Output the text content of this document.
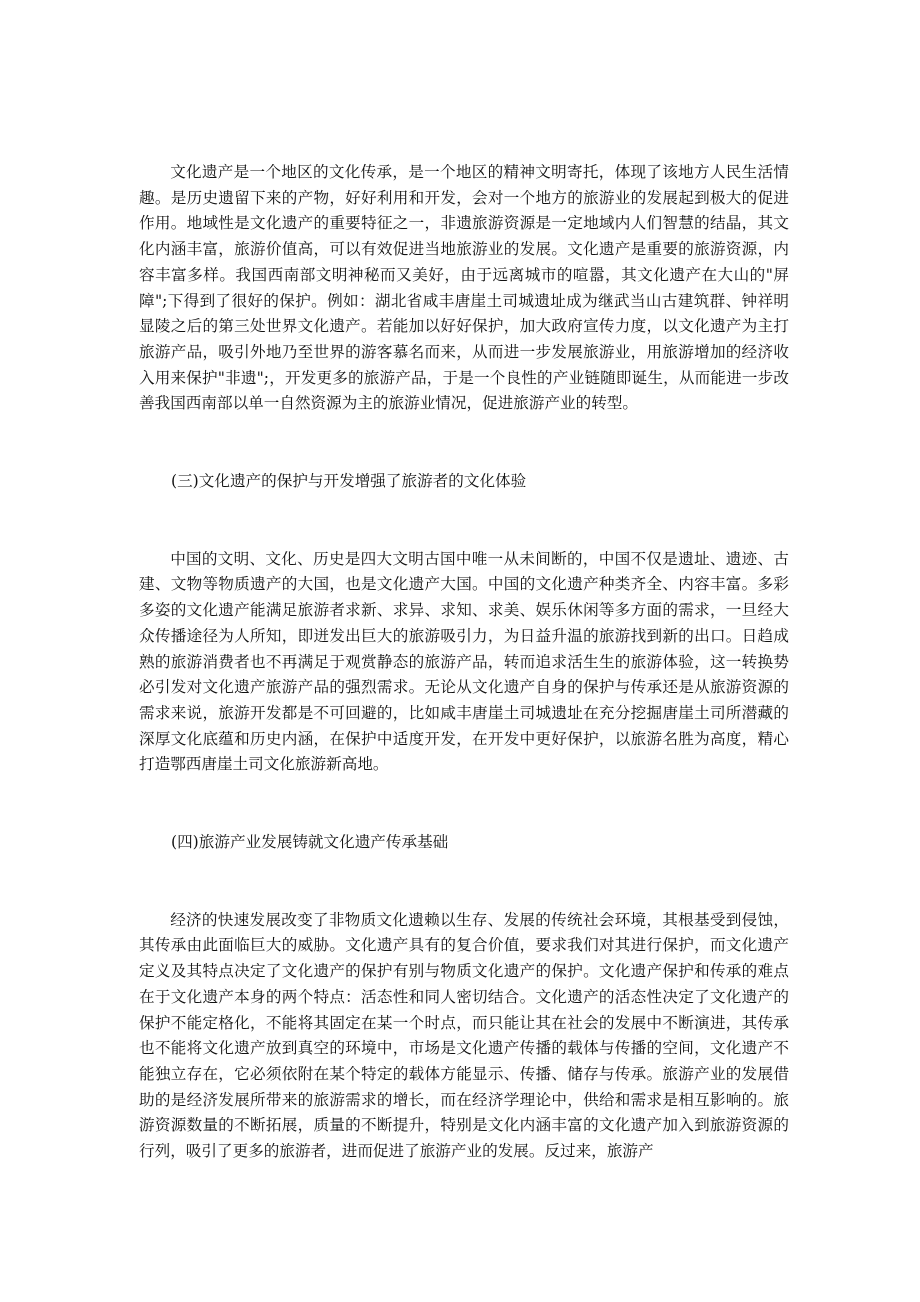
文化遗产是一个地区的文化传承，是一个地区的精神文明寄托，体现了该地方人民生活情趣。是历史遗留下来的产物，好好利用和开发，会对一个地方的旅游业的发展起到极大的促进作用。地域性是文化遗产的重要特征之一，非遗旅游资源是一定地域内人们智慧的结晶，其文化内涵丰富，旅游价值高，可以有效促进当地旅游业的发展。文化遗产是重要的旅游资源，内容丰富多样。我国西南部文明神秘而又美好，由于远离城市的喧嚣，其文化遗产在大山的"屏障";下得到了很好的保护。例如：湖北省咸丰唐崖土司城遗址成为继武当山古建筑群、钟祥明显陵之后的第三处世界文化遗产。若能加以好好保护，加大政府宣传力度，以文化遗产为主打旅游产品，吸引外地乃至世界的游客慕名而来，从而进一步发展旅游业，用旅游增加的经济收入用来保护"非遗";，开发更多的旅游产品，于是一个良性的产业链随即诞生，从而能进一步改善我国西南部以单一自然资源为主的旅游业情况，促进旅游产业的转型。

(三)文化遗产的保护与开发增强了旅游者的文化体验

中国的文明、文化、历史是四大文明古国中唯一从未间断的，中国不仅是遗址、遗迹、古建、文物等物质遗产的大国，也是文化遗产大国。中国的文化遗产种类齐全、内容丰富。多彩多姿的文化遗产能满足旅游者求新、求异、求知、求美、娱乐休闲等多方面的需求，一旦经大众传播途径为人所知，即迸发出巨大的旅游吸引力，为日益升温的旅游找到新的出口。日趋成熟的旅游消费者也不再满足于观赏静态的旅游产品，转而追求活生生的旅游体验，这一转换势必引发对文化遗产旅游产品的强烈需求。无论从文化遗产自身的保护与传承还是从旅游资源的需求来说，旅游开发都是不可回避的，比如咸丰唐崖土司城遗址在充分挖掘唐崖土司所潜藏的深厚文化底蕴和历史内涵，在保护中适度开发，在开发中更好保护，以旅游名胜为高度，精心打造鄂西唐崖土司文化旅游新高地。

(四)旅游产业发展铸就文化遗产传承基础

经济的快速发展改变了非物质文化遗赖以生存、发展的传统社会环境，其根基受到侵蚀，其传承由此面临巨大的威胁。文化遗产具有的复合价值，要求我们对其进行保护，而文化遗产定义及其特点决定了文化遗产的保护有别与物质文化遗产的保护。文化遗产保护和传承的难点在于文化遗产本身的两个特点：活态性和同人密切结合。文化遗产的活态性决定了文化遗产的保护不能定格化，不能将其固定在某一个时点，而只能让其在社会的发展中不断演进，其传承也不能将文化遗产放到真空的环境中，市场是文化遗产传播的载体与传播的空间，文化遗产不能独立存在，它必须依附在某个特定的载体方能显示、传播、储存与传承。旅游产业的发展借助的是经济发展所带来的旅游需求的增长，而在经济学理论中，供给和需求是相互影响的。旅游资源数量的不断拓展，质量的不断提升，特别是文化内涵丰富的文化遗产加入到旅游资源的行列，吸引了更多的旅游者，进而促进了旅游产业的发展。反过来，旅游产
